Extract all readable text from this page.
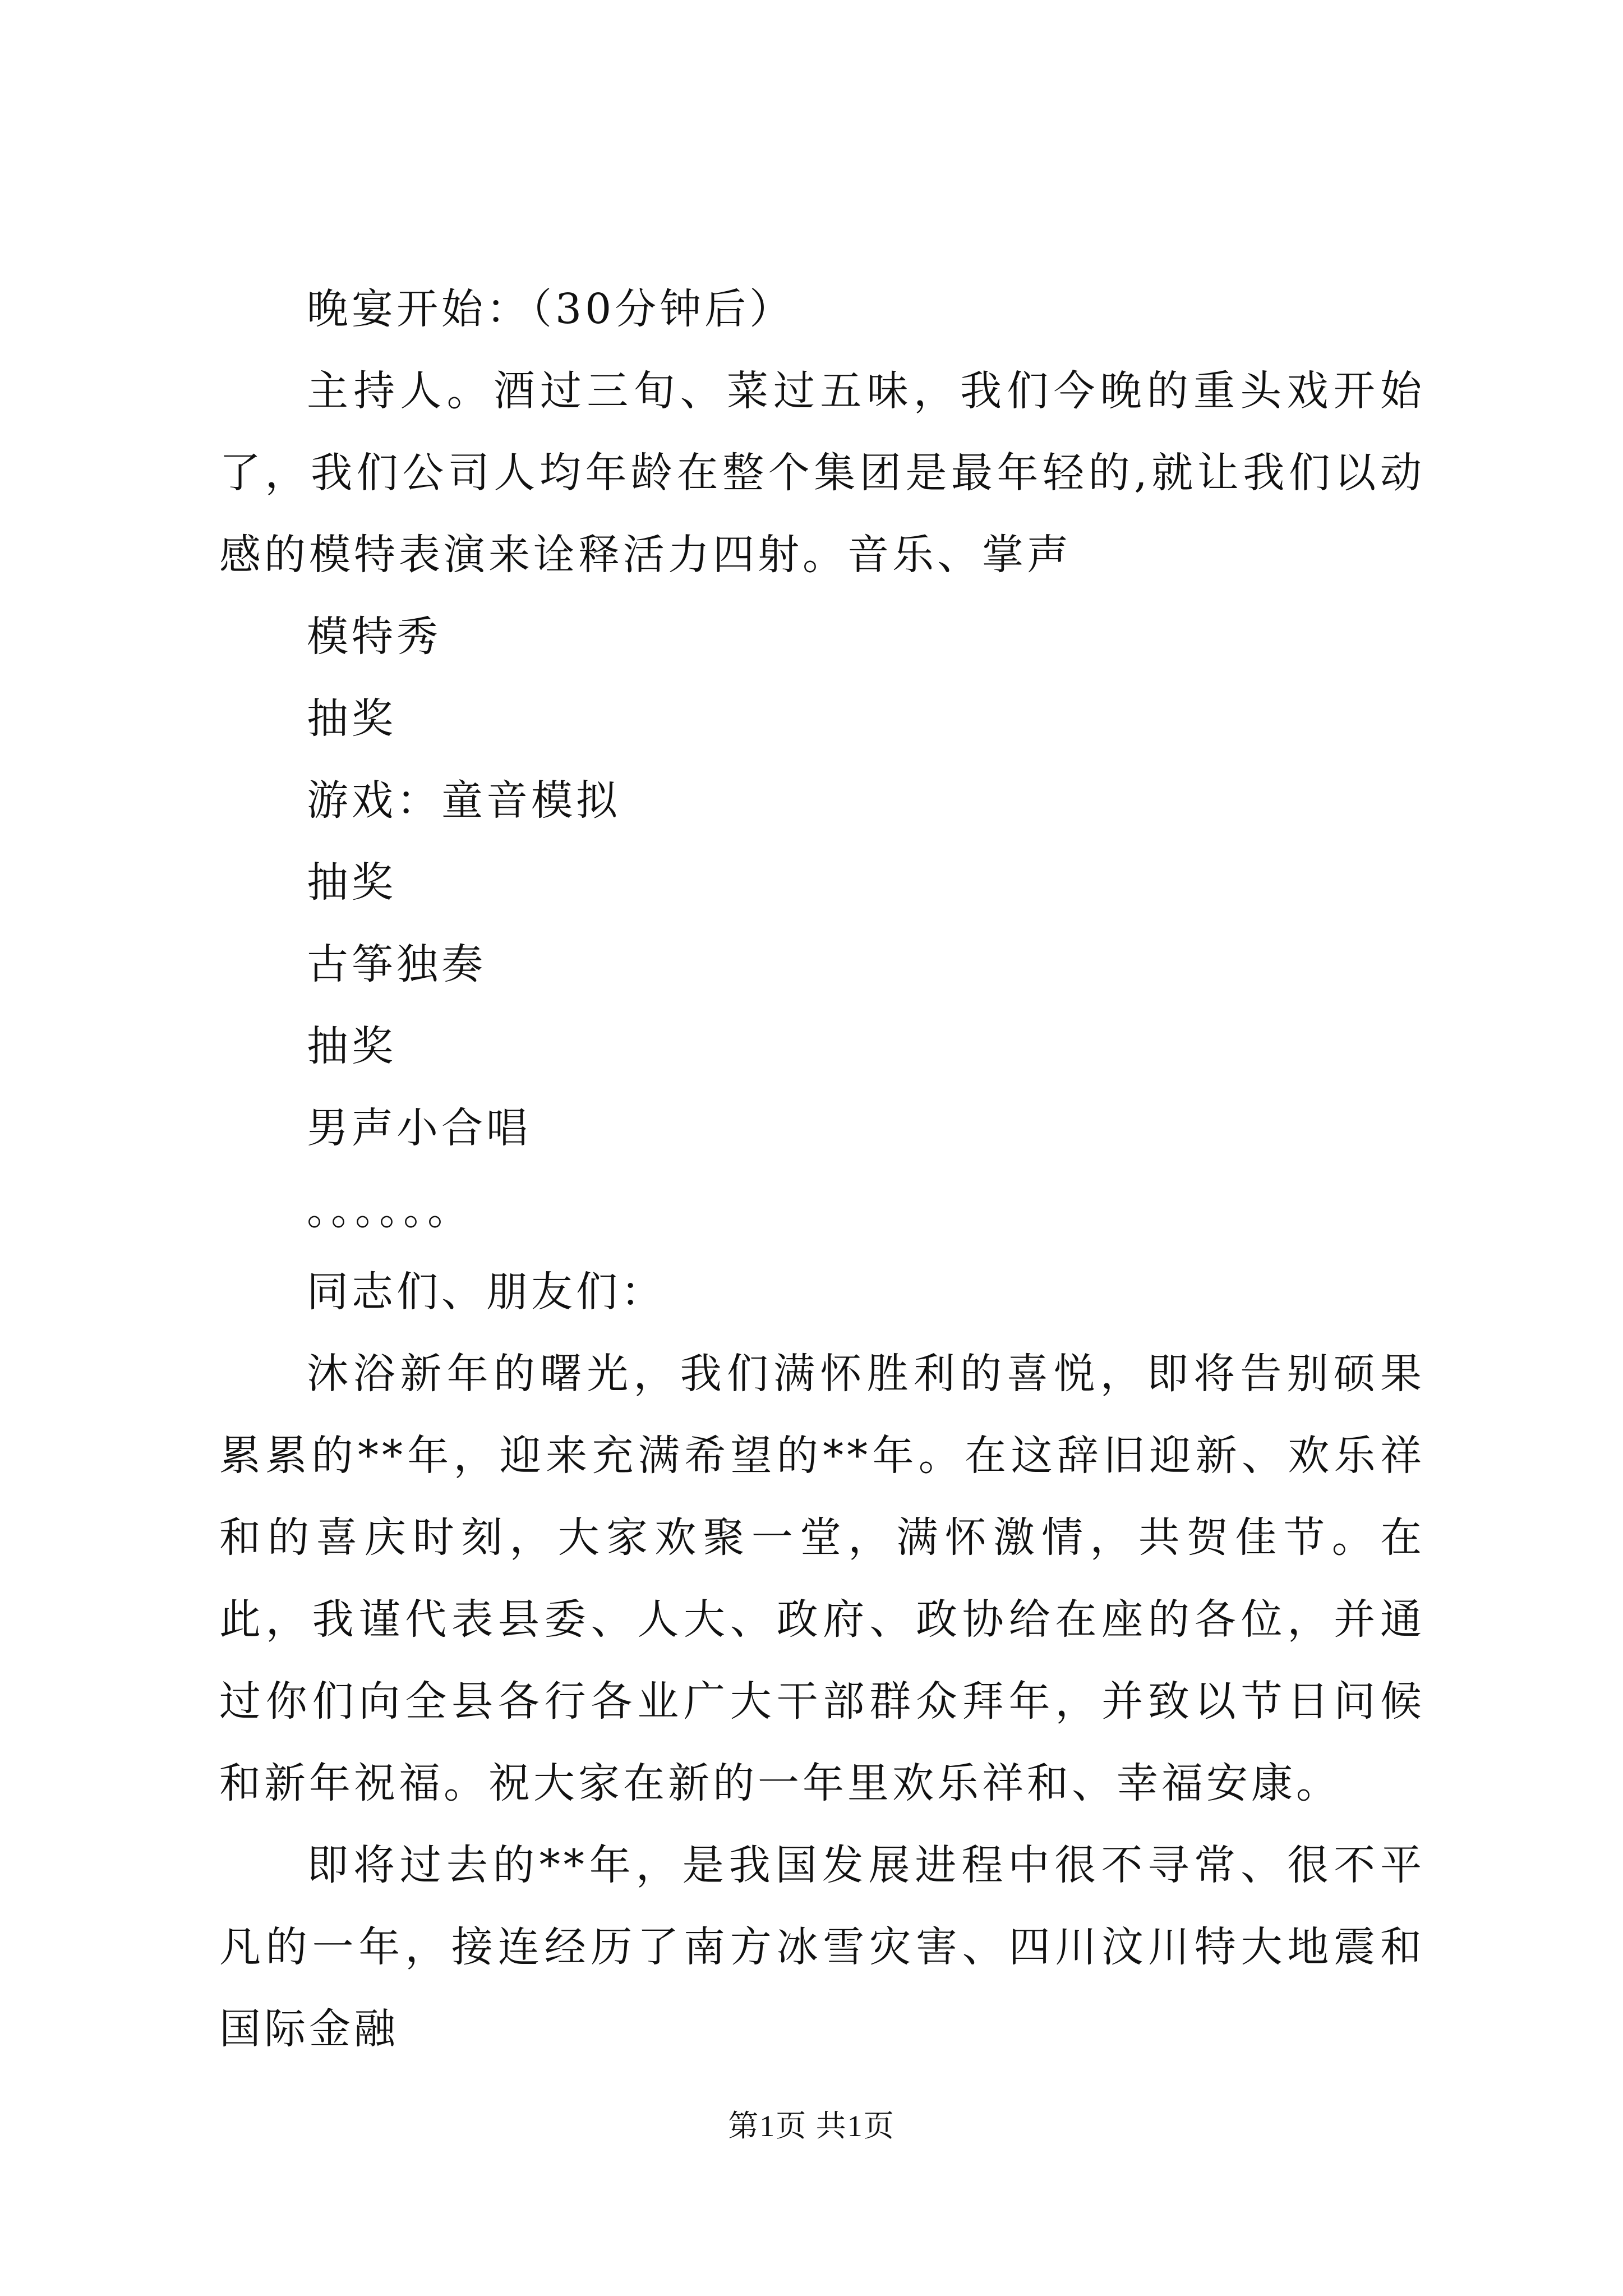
晚宴开始：（30分钟后）
主持人。酒过三旬、菜过五味，我们今晚的重头戏开始了，我们公司人均年龄在整个集团是最年轻的,就让我们以动感的模特表演来诠释活力四射。音乐、掌声
模特秀
抽奖
游戏：童音模拟
抽奖
古筝独奏
抽奖
男声小合唱
。。。。。。
同志们、朋友们：
沐浴新年的曙光，我们满怀胜利的喜悦，即将告别硕果累累的**年，迎来充满希望的**年。在这辞旧迎新、欢乐祥和的喜庆时刻，大家欢聚一堂，满怀激情，共贺佳节。在此，我谨代表县委、人大、政府、政协给在座的各位，并通过你们向全县各行各业广大干部群众拜年，并致以节日问候和新年祝福。祝大家在新的一年里欢乐祥和、幸福安康。
即将过去的**年，是我国发展进程中很不寻常、很不平凡的一年，接连经历了南方冰雪灾害、四川汶川特大地震和国际金融
第1页 共1页
